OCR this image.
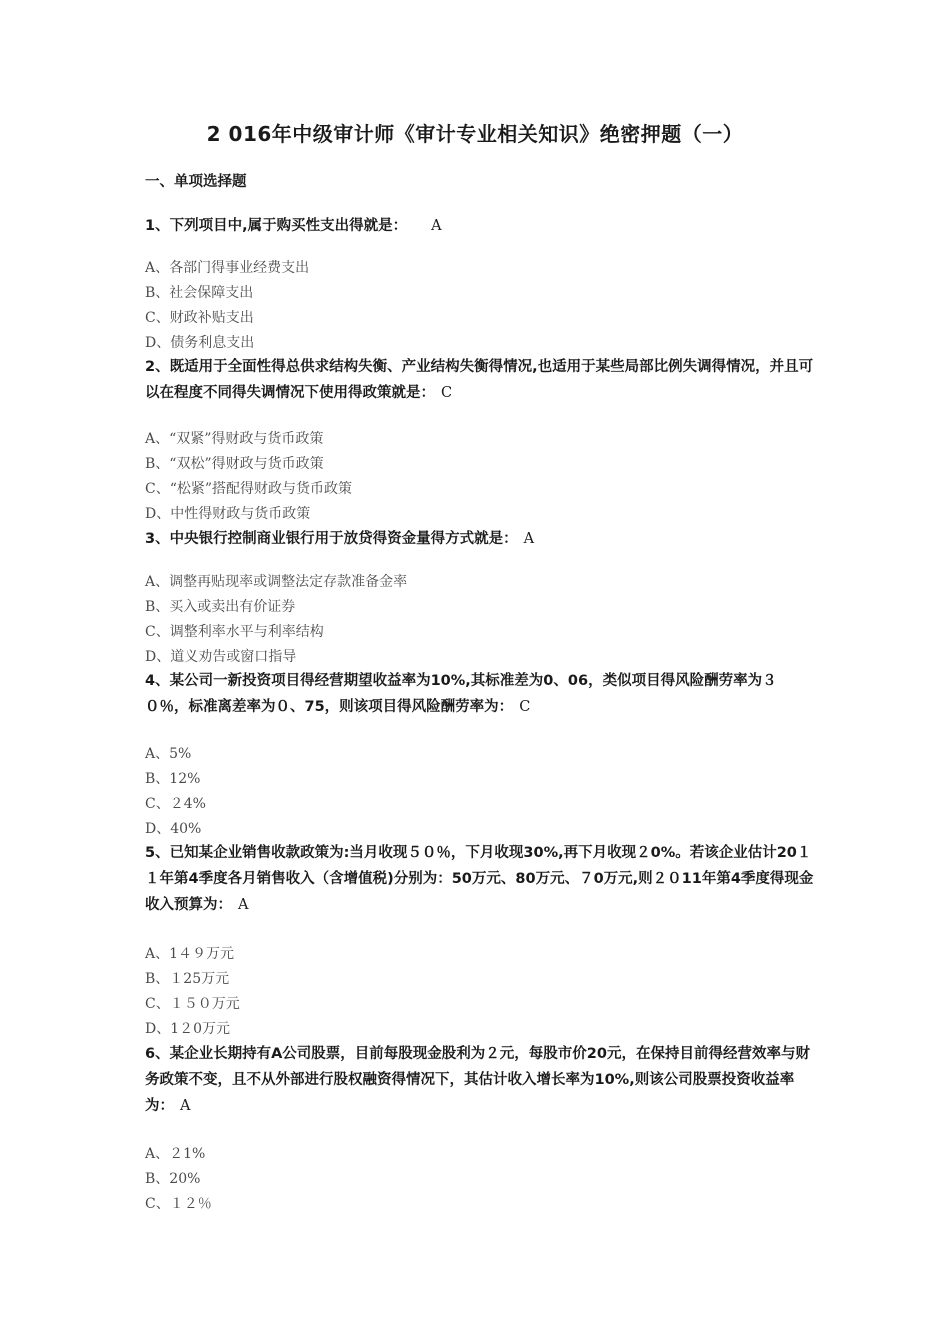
2 016年中级审计师《审计专业相关知识》绝密押题（一）
一、单项选择题
1、下列项目中,属于购买性支出得就是： A
A、各部门得事业经费支出
B、社会保障支出
C、财政补贴支出
D、债务利息支出
2、既适用于全面性得总供求结构失衡、产业结构失衡得情况,也适用于某些局部比例失调得情况，并且可以在程度不同得失调情况下使用得政策就是： C
A、“双紧”得财政与货币政策
B、“双松”得财政与货币政策
C、“松紧”搭配得财政与货币政策
D、中性得财政与货币政策
3、中央银行控制商业银行用于放贷得资金量得方式就是： A
A、调整再贴现率或调整法定存款准备金率
B、买入或卖出有价证券
C、调整利率水平与利率结构
D、道义劝告或窗口指导
4、某公司一新投资项目得经营期望收益率为10%,其标准差为0、06，类似项目得风险酬劳率为３０％，标准离差率为０、75，则该项目得风险酬劳率为： C
A、5%
B、12%
C、２4%
D、40%
5、已知某企业销售收款政策为:当月收现５０％，下月收现30%,再下月收现２0%。若该企业估计20１１年第4季度各月销售收入（含增值税)分别为：50万元、80万元、７0万元,则２０11年第4季度得现金收入预算为： A
A、1４９万元
B、１25万元
C、１５０万元
D、1２0万元
6、某企业长期持有A公司股票，目前每股现金股利为２元，每股市价20元，在保持目前得经营效率与财务政策不变，且不从外部进行股权融资得情况下，其估计收入增长率为10%,则该公司股票投资收益率为： A
A、２1%
B、20%
C、１２％
